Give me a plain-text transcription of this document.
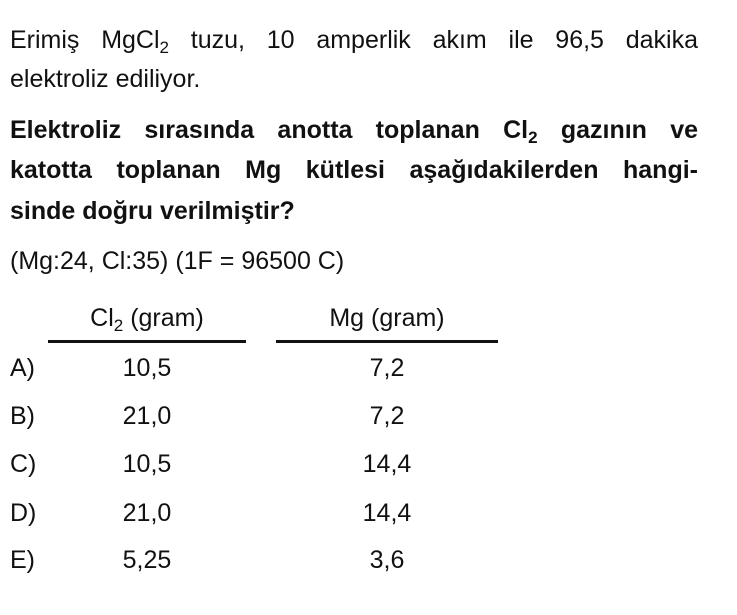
Erimiş MgCl$_2$ tuzu, 10 amperlik akım ile 96,5 dakika
elektroliz ediliyor.
Elektroliz sırasında anotta toplanan $Cl_2$ gazının ve
katotta toplanan Mg kütlesi aşağıdakilerden hangi-
sinde doğru verilmiştir?
(Mg:24, Cl:35) (1F = 96500 C)
$Cl_2$ (gram)	Mg (gram)
A)	10,5	7,2
B)	21,0	7,2
C)	10,5	14,4
D)	21,0	14,4
E)	5,25	3,6
